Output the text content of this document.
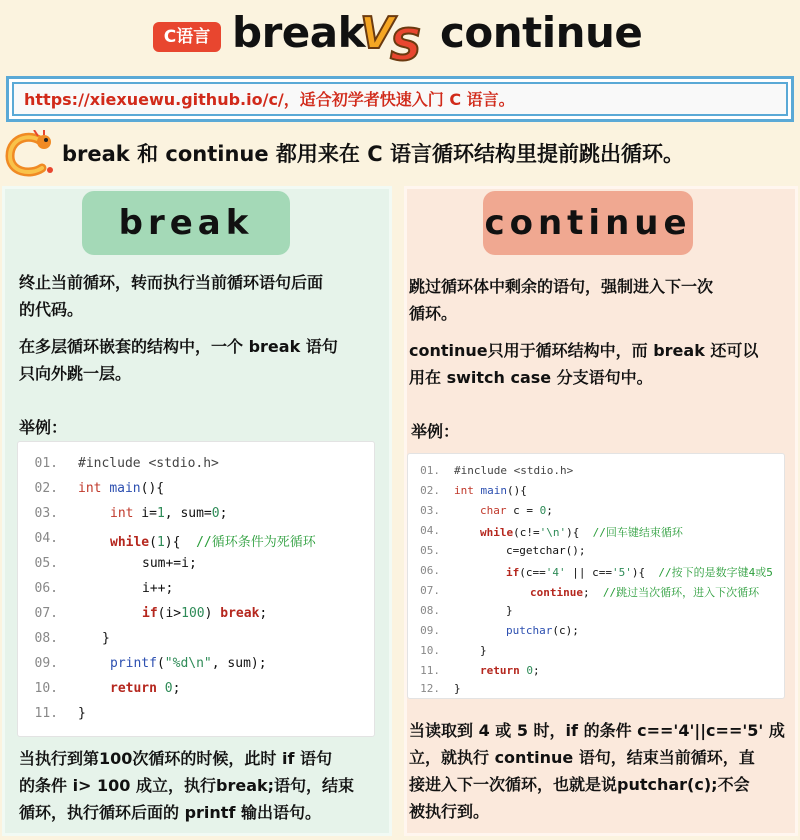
C语言 break
V
S continue
https://xiexuewu.github.io/c/，适合初学者快速入门 C 语言。
break 和 continue 都用来在 C 语言循环结构里提前跳出循环。
break
终止当前循环，转而执行当前循环语句后面
的代码。
在多层循环嵌套的结构中，一个 break 语句
只向外跳一层。
举例：
01. #include <stdio.h>
02. int main(){
03.	int i=1, sum=0;
04.	while(1){  //循环条件为死循环
05.	sum+=i;
06.	i++;
07.	if(i>100) break;
08.	}
09.	printf("%d\n", sum);
10.	return 0;
11. }
当执行到第100次循环的时候，此时 if 语句
的条件 i> 100 成立，执行break;语句，结束
循环，执行循环后面的 printf 输出语句。
continue
跳过循环体中剩余的语句，强制进入下一次
循环。
continue只用于循环结构中，而 break 还可以
用在 switch case 分支语句中。
举例：
01. #include <stdio.h>
02. int main(){
03.	char c = 0;
04.	while(c!='\n'){  //回车键结束循环
05.	c=getchar();
06.	if(c=='4' || c=='5'){  //按下的是数字键4或5
07.	continue;  //跳过当次循环，进入下次循环
08.	}
09.	putchar(c);
10.	}
11.	return 0;
12. }
当读取到 4 或 5 时，if 的条件 c=='4'||c=='5' 成
立，就执行 continue 语句，结束当前循环，直
接进入下一次循环，也就是说putchar(c);不会
被执行到。
